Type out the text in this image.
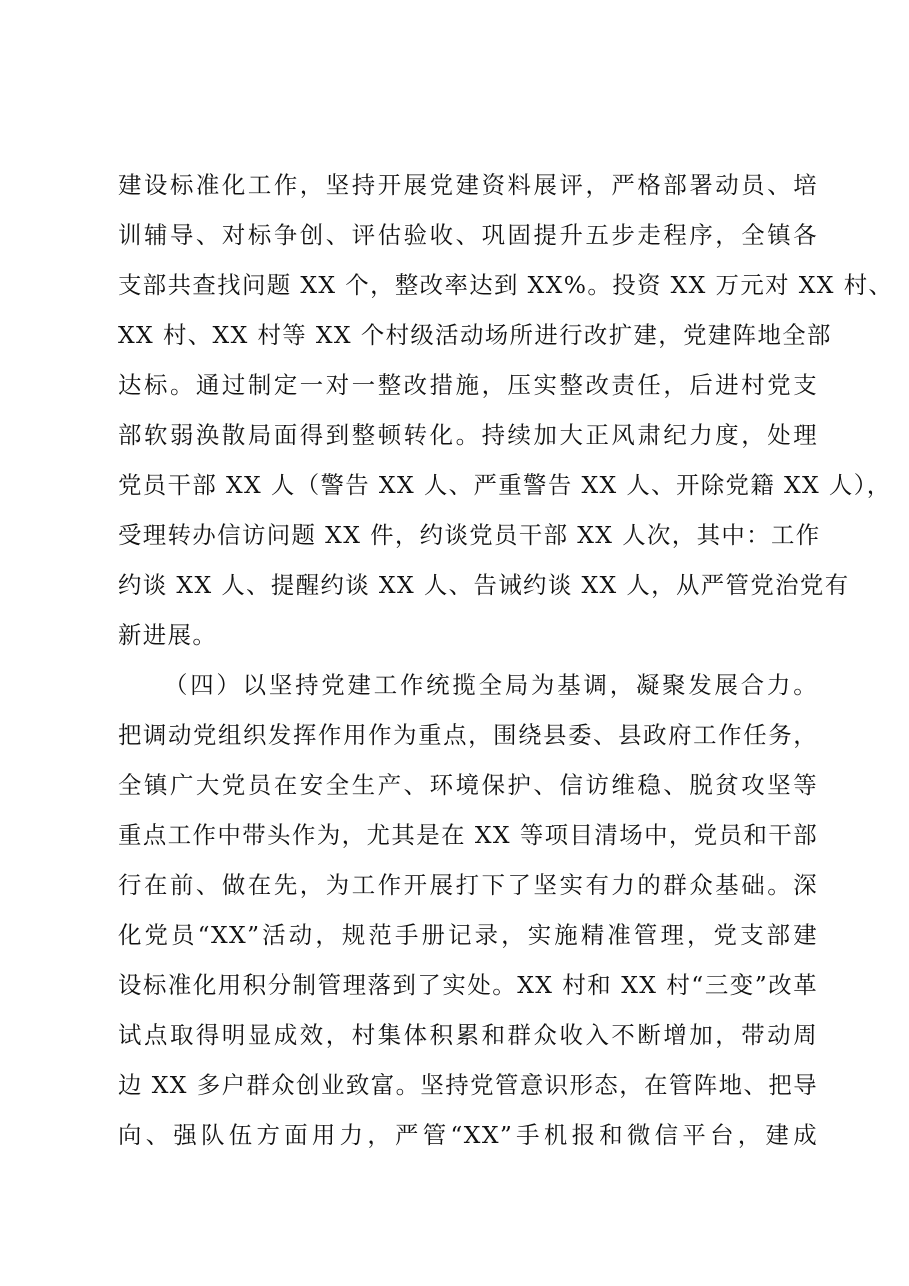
建设标准化工作，坚持开展党建资料展评，严格部署动员、培
训辅导、对标争创、评估验收、巩固提升五步走程序，全镇各
支部共查找问题 XX 个，整改率达到 XX%。投资 XX 万元对 XX 村、
XX 村、XX 村等 XX 个村级活动场所进行改扩建，党建阵地全部
达标。通过制定一对一整改措施，压实整改责任，后进村党支
部软弱涣散局面得到整顿转化。持续加大正风肃纪力度，处理
党员干部 XX 人（警告 XX 人、严重警告 XX 人、开除党籍 XX 人），
受理转办信访问题 XX 件，约谈党员干部 XX 人次，其中：工作
约谈 XX 人、提醒约谈 XX 人、告诫约谈 XX 人，从严管党治党有
新进展。
（四）以坚持党建工作统揽全局为基调，凝聚发展合力。
把调动党组织发挥作用作为重点，围绕县委、县政府工作任务，
全镇广大党员在安全生产、环境保护、信访维稳、脱贫攻坚等
重点工作中带头作为，尤其是在 XX 等项目清场中，党员和干部
行在前、做在先，为工作开展打下了坚实有力的群众基础。深
化党员“XX”活动，规范手册记录，实施精准管理，党支部建
设标准化用积分制管理落到了实处。XX 村和 XX 村“三变”改革
试点取得明显成效，村集体积累和群众收入不断增加，带动周
边 XX 多户群众创业致富。坚持党管意识形态，在管阵地、把导
向、强队伍方面用力，严管“XX”手机报和微信平台，建成
